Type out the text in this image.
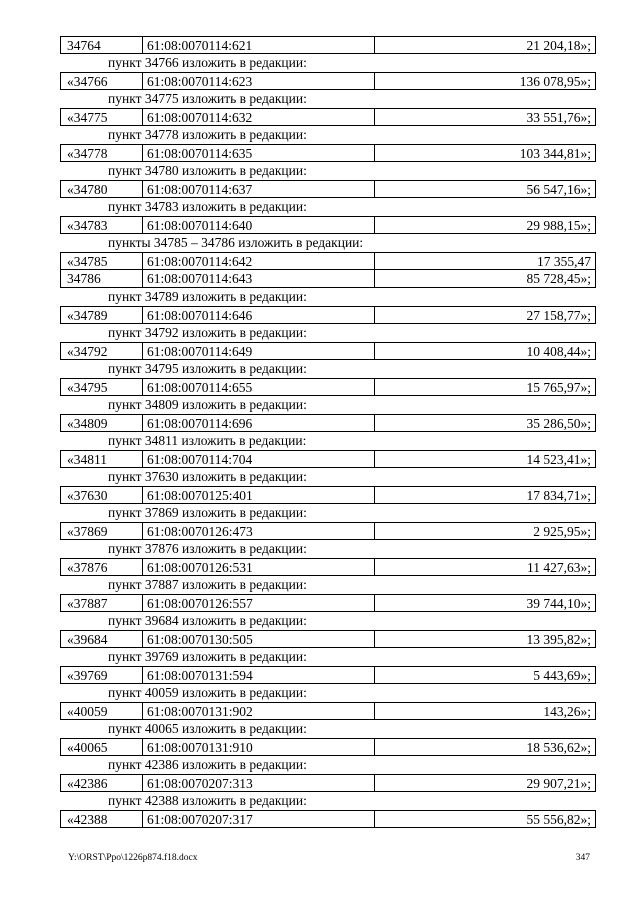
34764	61:08:0070114:621	21 204,18»;
пункт 34766 изложить в редакции:
«34766	61:08:0070114:623	136 078,95»;
пункт 34775 изложить в редакции:
«34775	61:08:0070114:632	33 551,76»;
пункт 34778 изложить в редакции:
«34778	61:08:0070114:635	103 344,81»;
пункт 34780 изложить в редакции:
«34780	61:08:0070114:637	56 547,16»;
пункт 34783 изложить в редакции:
«34783	61:08:0070114:640	29 988,15»;
пункты 34785 – 34786 изложить в редакции:
«34785	61:08:0070114:642	17 355,47
34786	61:08:0070114:643	85 728,45»;
пункт 34789 изложить в редакции:
«34789	61:08:0070114:646	27 158,77»;
пункт 34792 изложить в редакции:
«34792	61:08:0070114:649	10 408,44»;
пункт 34795 изложить в редакции:
«34795	61:08:0070114:655	15 765,97»;
пункт 34809 изложить в редакции:
«34809	61:08:0070114:696	35 286,50»;
пункт 34811 изложить в редакции:
«34811	61:08:0070114:704	14 523,41»;
пункт 37630 изложить в редакции:
«37630	61:08:0070125:401	17 834,71»;
пункт 37869 изложить в редакции:
«37869	61:08:0070126:473	2 925,95»;
пункт 37876 изложить в редакции:
«37876	61:08:0070126:531	11 427,63»;
пункт 37887 изложить в редакции:
«37887	61:08:0070126:557	39 744,10»;
пункт 39684 изложить в редакции:
«39684	61:08:0070130:505	13 395,82»;
пункт 39769 изложить в редакции:
«39769	61:08:0070131:594	5 443,69»;
пункт 40059 изложить в редакции:
«40059	61:08:0070131:902	143,26»;
пункт 40065 изложить в редакции:
«40065	61:08:0070131:910	18 536,62»;
пункт 42386 изложить в редакции:
«42386	61:08:0070207:313	29 907,21»;
пункт 42388 изложить в редакции:
«42388	61:08:0070207:317	55 556,82»;
Y:\ORST\Ppo\1226p874.f18.docx	347
